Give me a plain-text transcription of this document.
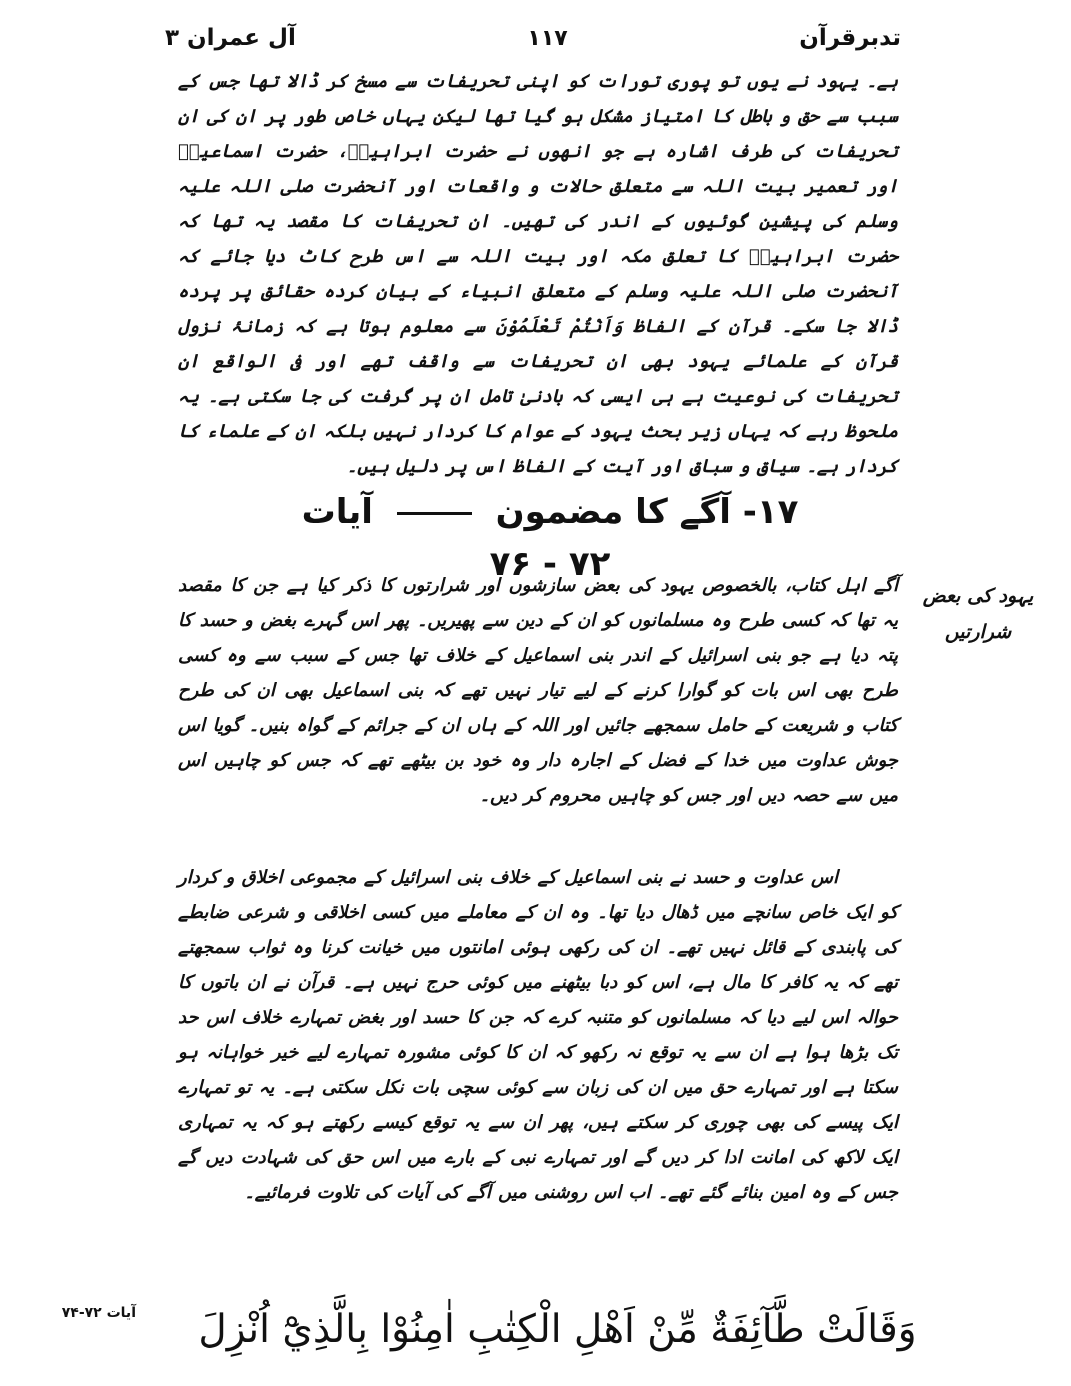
تدبرقرآن
۱۱۷
آل عمران ۳
ہے۔ یہود نے یوں تو پوری تورات کو اپنی تحریفات سے مسخ کر ڈالا تھا جس کے سبب سے حق و باطل کا امتیاز مشکل ہو گیا تھا لیکن یہاں خاص طور پر ان کی ان تحریفات کی طرف اشارہ ہے جو انھوں نے حضرت ابراہیمؑ، حضرت اسماعیلؑ اور تعمیر بیت اللہ سے متعلق حالات و واقعات اور آنحضرت صلی اللہ علیہ وسلم کی پیشین گوئیوں کے اندر کی تھیں۔ ان تحریفات کا مقصد یہ تھا کہ حضرت ابراہیمؑ کا تعلق مکہ اور بیت اللہ سے اس طرح کاٹ دیا جائے کہ آنحضرت صلی اللہ علیہ وسلم کے متعلق انبیاء کے بیان کردہ حقائق پر پردہ ڈالا جا سکے۔ قرآن کے الفاظ وَاَنْتُمْ تَعْلَمُوْنَ سے معلوم ہوتا ہے کہ زمانۂ نزول قرآن کے علمائے یہود بھی ان تحریفات سے واقف تھے اور فی الواقع ان تحریفات کی نوعیت ہے ہی ایسی کہ بادنیٰ تامل ان پر گرفت کی جا سکتی ہے۔ یہ ملحوظ رہے کہ یہاں زیر بحث یہود کے عوام کا کردار نہیں بلکہ ان کے علماء کا کردار ہے۔ سیاق و سباق اور آیت کے الفاظ اس پر دلیل ہیں۔
۱۷- آگے کا مضمون  آیات ۷۲ - ۷۶
یہود کی بعض شرارتیں
آگے اہل کتاب، بالخصوص یہود کی بعض سازشوں اور شرارتوں کا ذکر کیا ہے جن کا مقصد یہ تھا کہ کسی طرح وہ مسلمانوں کو ان کے دین سے پھیریں۔ پھر اس گہرے بغض و حسد کا پتہ دیا ہے جو بنی اسرائیل کے اندر بنی اسماعیل کے خلاف تھا جس کے سبب سے وہ کسی طرح بھی اس بات کو گوارا کرنے کے لیے تیار نہیں تھے کہ بنی اسماعیل بھی ان کی طرح کتاب و شریعت کے حامل سمجھے جائیں اور اللہ کے ہاں ان کے جرائم کے گواہ بنیں۔ گویا اس جوش عداوت میں خدا کے فضل کے اجارہ دار وہ خود بن بیٹھے تھے کہ جس کو چاہیں اس میں سے حصہ دیں اور جس کو چاہیں محروم کر دیں۔
اس عداوت و حسد نے بنی اسماعیل کے خلاف بنی اسرائیل کے مجموعی اخلاق و کردار کو ایک خاص سانچے میں ڈھال دیا تھا۔ وہ ان کے معاملے میں کسی اخلاقی و شرعی ضابطے کی پابندی کے قائل نہیں تھے۔ ان کی رکھی ہوئی امانتوں میں خیانت کرنا وہ ثواب سمجھتے تھے کہ یہ کافر کا مال ہے، اس کو دبا بیٹھنے میں کوئی حرج نہیں ہے۔ قرآن نے ان باتوں کا حوالہ اس لیے دیا کہ مسلمانوں کو متنبہ کرے کہ جن کا حسد اور بغض تمہارے خلاف اس حد تک بڑھا ہوا ہے ان سے یہ توقع نہ رکھو کہ ان کا کوئی مشورہ تمہارے لیے خیر خواہانہ ہو سکتا ہے اور تمہارے حق میں ان کی زبان سے کوئی سچی بات نکل سکتی ہے۔ یہ تو تمہارے ایک پیسے کی بھی چوری کر سکتے ہیں، پھر ان سے یہ توقع کیسے رکھتے ہو کہ یہ تمہاری ایک لاکھ کی امانت ادا کر دیں گے اور تمہارے نبی کے بارے میں اس حق کی شہادت دیں گے جس کے وہ امین بنائے گئے تھے۔ اب اس روشنی میں آگے کی آیات کی تلاوت فرمائیے۔
وَقَالَتْ طَّآئِفَةٌ مِّنْ اَهْلِ الْكِتٰبِ اٰمِنُوْا بِالَّذِيْٓ اُنْزِلَ
آیات ۷۲-۷۴
